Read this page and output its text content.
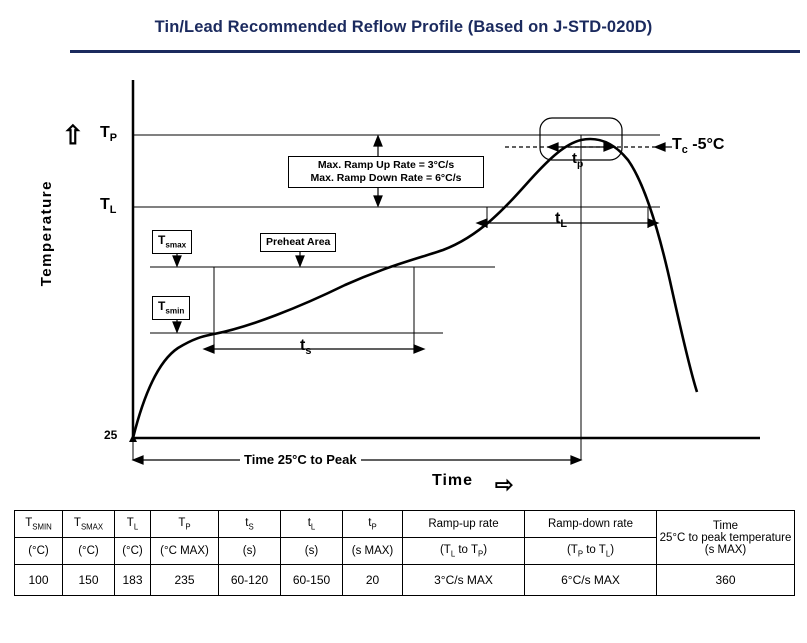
Tin/Lead Recommended Reflow Profile (Based on J-STD-020D)
⇧
Temperature
Time ⇨
$T_P$
$T_L$
25
Max. Ramp Up Rate = 3°C/s
Max. Ramp Down Rate = 6°C/s
Preheat Area
$T_{smax}$
$T_{smin}$
$t_s$
$t_L$
$t_p$
$T_c$ -5°C
Time 25°C to Peak
$T_{SMIN}$	$T_{SMAX}$	$T_L$	$T_P$	$t_S$	$t_L$	$t_P$	Ramp-up rate	Ramp-down rate	Time
25°C to peak temperature
(s MAX)

(°C)	(°C)	(°C)	(°C MAX)	(s)	(s)	(s MAX)	($T_L$ to $T_P$)	($T_P$ to $T_L$)	
100	150	183	235	60-120	60-150	20	3°C/s MAX	6°C/s MAX	360
